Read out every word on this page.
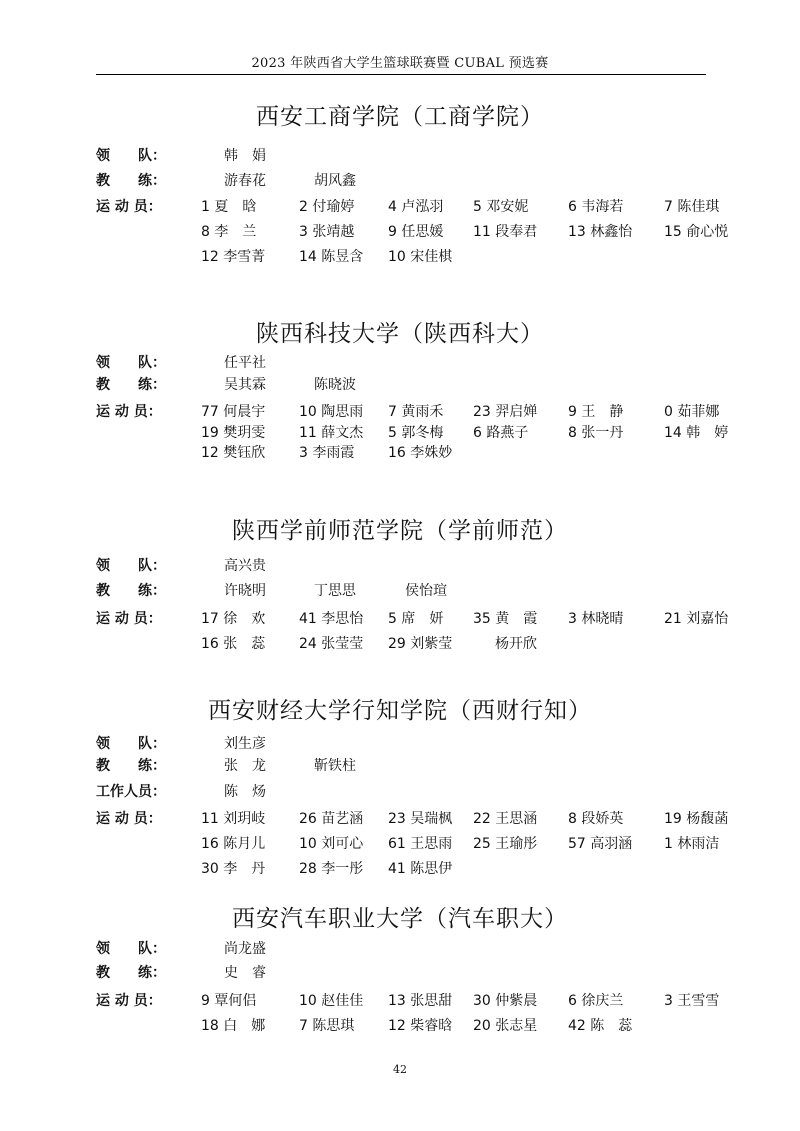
2023 年陕西省大学生篮球联赛暨 CUBAL 预选赛
西安工商学院（工商学院）
领　　队：	韩　娟
教　　练：	游春花	胡风鑫
运 动 员：	1 夏　晗	2 付瑜婷 4 卢泓羽 5 邓安妮	6 韦海若	7 陈佳琪
8 李　兰	3 张靖越 9 任思媛 11 段奉君 13 林鑫怡 15 俞心悦
12 李雪菁 14 陈昱含 10 宋佳棋
陕西科技大学（陕西科大）
领　　队：	任平社
教　　练：	吴其霖	陈晓波
运 动 员：	77 何晨宇 10 陶思雨 7 黄雨禾 23 羿启婵 9 王　静	0 茹菲娜
19 樊玥雯 11 薛文杰 5 郭冬梅 6 路燕子	8 张一丹	14 韩　婷
12 樊钰欣 3 李雨霞 16 李姝妙
陕西学前师范学院（学前师范）
领　　队：	高兴贵
教　　练：	许晓明	丁思思	侯怡瑄
运 动 员：	17 徐　欢 41 李思怡 5 席　妍 35 黄　霞 3 林晓晴	21 刘嘉怡
16 张　蕊 24 张莹莹 29 刘紫莹	杨开欣
西安财经大学行知学院（西财行知）
领　　队：	刘生彦
教　　练：	张　龙	靳铁柱
工作人员：	陈　炀
运 动 员：	11 刘玥岐 26 苗艺涵 23 吴瑞枫 22 王思涵 8 段娇英	19 杨馥菡
16 陈月儿 10 刘可心 61 王思雨 25 王瑜彤 57 高羽涵 1 林雨洁
30 李　丹 28 李一彤 41 陈思伊
西安汽车职业大学（汽车职大）
领　　队：	尚龙盛
教　　练：	史　睿
运 动 员：	9 覃何侣	10 赵佳佳 13 张思甜 30 仲紫晨 6 徐庆兰	3 王雪雪
18 白　娜 7 陈思琪 12 柴睿晗 20 张志星 42 陈　蕊
42
